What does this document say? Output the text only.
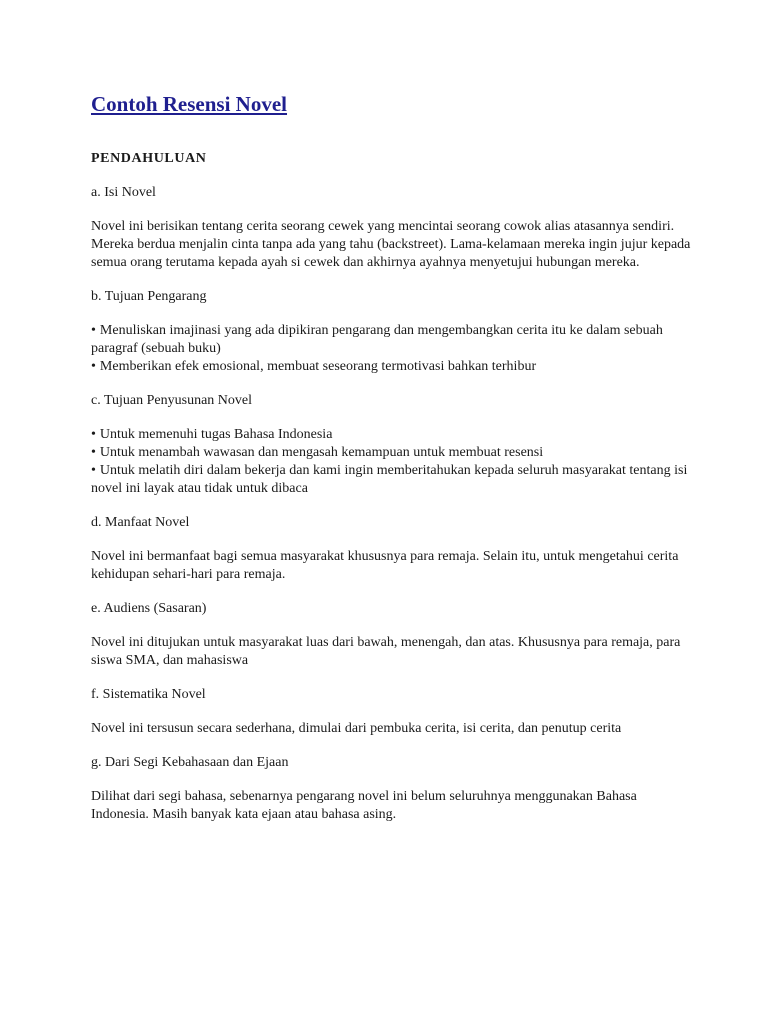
Contoh Resensi Novel
PENDAHULUAN
a. Isi Novel

Novel ini berisikan tentang cerita seorang cewek yang mencintai seorang cowok alias atasannya sendiri. Mereka berdua menjalin cinta tanpa ada yang tahu (backstreet). Lama-kelamaan mereka ingin jujur kepada semua orang terutama kepada ayah si cewek dan akhirnya ayahnya menyetujui hubungan mereka.

b. Tujuan Pengarang
• Menuliskan imajinasi yang ada dipikiran pengarang dan mengembangkan cerita itu ke dalam sebuah paragraf (sebuah buku)
• Memberikan efek emosional, membuat seseorang termotivasi bahkan terhibur
c. Tujuan Penyusunan Novel
• Untuk memenuhi tugas Bahasa Indonesia
• Untuk menambah wawasan dan mengasah kemampuan untuk membuat resensi
• Untuk melatih diri dalam bekerja dan kami ingin memberitahukan kepada seluruh masyarakat tentang isi novel ini layak atau tidak untuk dibaca
d. Manfaat Novel

Novel ini bermanfaat bagi semua masyarakat khususnya para remaja. Selain itu, untuk mengetahui cerita kehidupan sehari-hari para remaja.

e. Audiens (Sasaran)

Novel ini ditujukan untuk masyarakat luas dari bawah, menengah, dan atas. Khususnya para remaja, para siswa SMA, dan mahasiswa

f. Sistematika Novel

Novel ini tersusun secara sederhana, dimulai dari pembuka cerita, isi cerita, dan penutup cerita

g. Dari Segi Kebahasaan dan Ejaan

Dilihat dari segi bahasa, sebenarnya pengarang novel ini belum seluruhnya menggunakan Bahasa Indonesia. Masih banyak kata ejaan atau bahasa asing.
